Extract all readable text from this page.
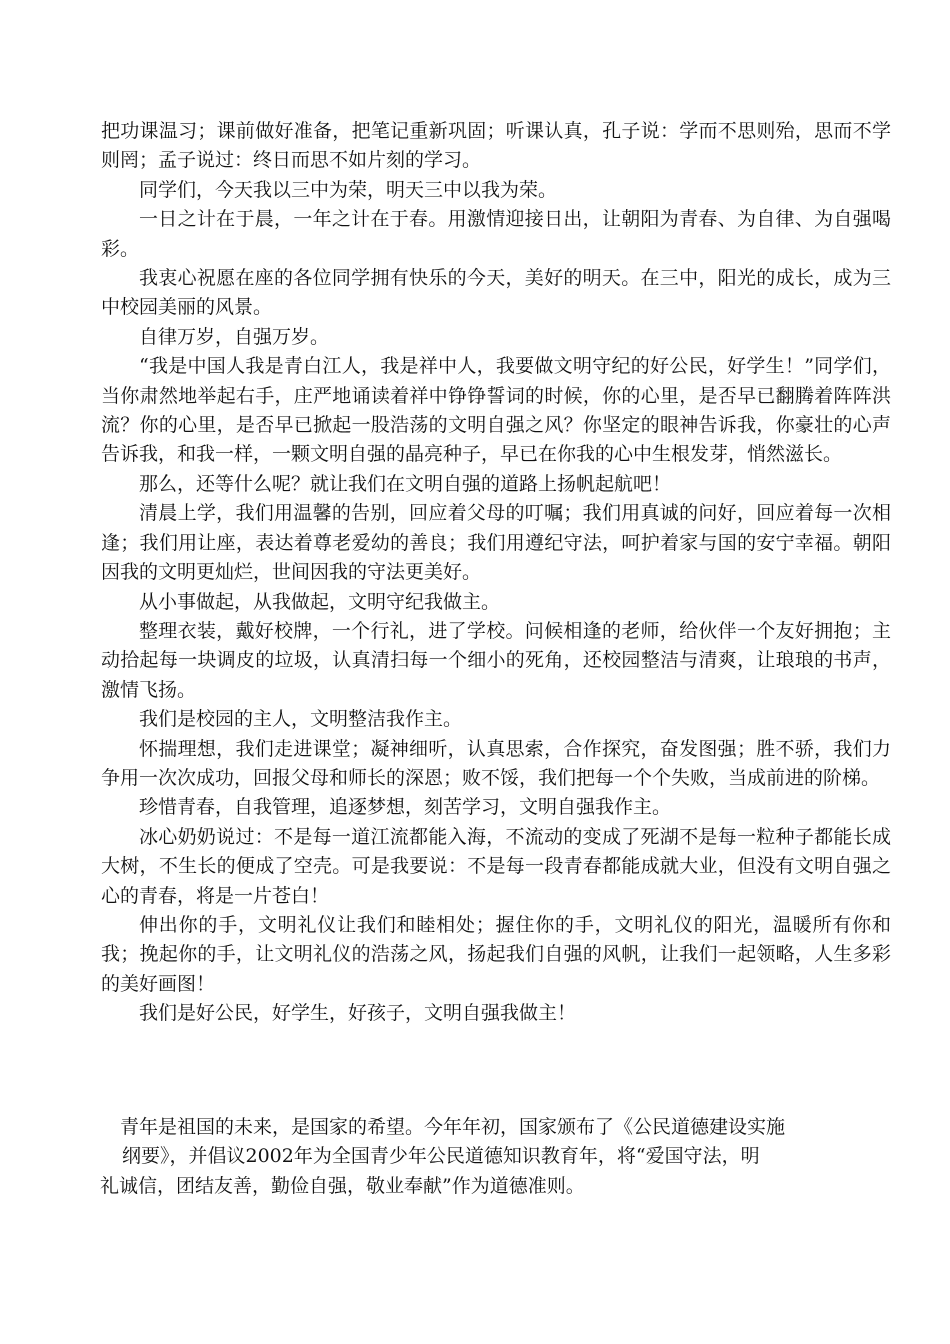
把功课温习；课前做好准备，把笔记重新巩固；听课认真，孔子说：学而不思则殆，思而不学则罔；孟子说过：终日而思不如片刻的学习。

同学们，今天我以三中为荣，明天三中以我为荣。

一日之计在于晨，一年之计在于春。用激情迎接日出，让朝阳为青春、为自律、为自强喝彩。

我衷心祝愿在座的各位同学拥有快乐的今天，美好的明天。在三中，阳光的成长，成为三中校园美丽的风景。

自律万岁，自强万岁。

“我是中国人我是青白江人，我是祥中人，我要做文明守纪的好公民，好学生！”同学们，当你肃然地举起右手，庄严地诵读着祥中铮铮誓词的时候，你的心里，是否早已翻腾着阵阵洪流？你的心里，是否早已掀起一股浩荡的文明自强之风？你坚定的眼神告诉我，你豪壮的心声告诉我，和我一样，一颗文明自强的晶亮种子，早已在你我的心中生根发芽，悄然滋长。

那么，还等什么呢？就让我们在文明自强的道路上扬帆起航吧！

清晨上学，我们用温馨的告别，回应着父母的叮嘱；我们用真诚的问好，回应着每一次相逢；我们用让座，表达着尊老爱幼的善良；我们用遵纪守法，呵护着家与国的安宁幸福。朝阳因我的文明更灿烂，世间因我的守法更美好。

从小事做起，从我做起，文明守纪我做主。

整理衣装，戴好校牌，一个行礼，进了学校。问候相逢的老师，给伙伴一个友好拥抱；主动拾起每一块调皮的垃圾，认真清扫每一个细小的死角，还校园整洁与清爽，让琅琅的书声，激情飞扬。

我们是校园的主人，文明整洁我作主。

怀揣理想，我们走进课堂；凝神细听，认真思索，合作探究，奋发图强；胜不骄，我们力争用一次次成功，回报父母和师长的深恩；败不馁，我们把每一个个失败，当成前进的阶梯。

珍惜青春，自我管理，追逐梦想，刻苦学习，文明自强我作主。

冰心奶奶说过：不是每一道江流都能入海，不流动的变成了死湖不是每一粒种子都能长成大树，不生长的便成了空壳。可是我要说：不是每一段青春都能成就大业，但没有文明自强之心的青春，将是一片苍白！

伸出你的手，文明礼仪让我们和睦相处；握住你的手，文明礼仪的阳光，温暖所有你和我；挽起你的手，让文明礼仪的浩荡之风，扬起我们自强的风帆，让我们一起领略，人生多彩的美好画图！

我们是好公民，好学生，好孩子，文明自强我做主！

青年是祖国的未来，是国家的希望。今年年初，国家颁布了《公民道德建设实施
纲要》，并倡议2002年为全国青少年公民道德知识教育年，将“爱国守法，明
礼诚信，团结友善，勤俭自强，敬业奉献”作为道德准则。
